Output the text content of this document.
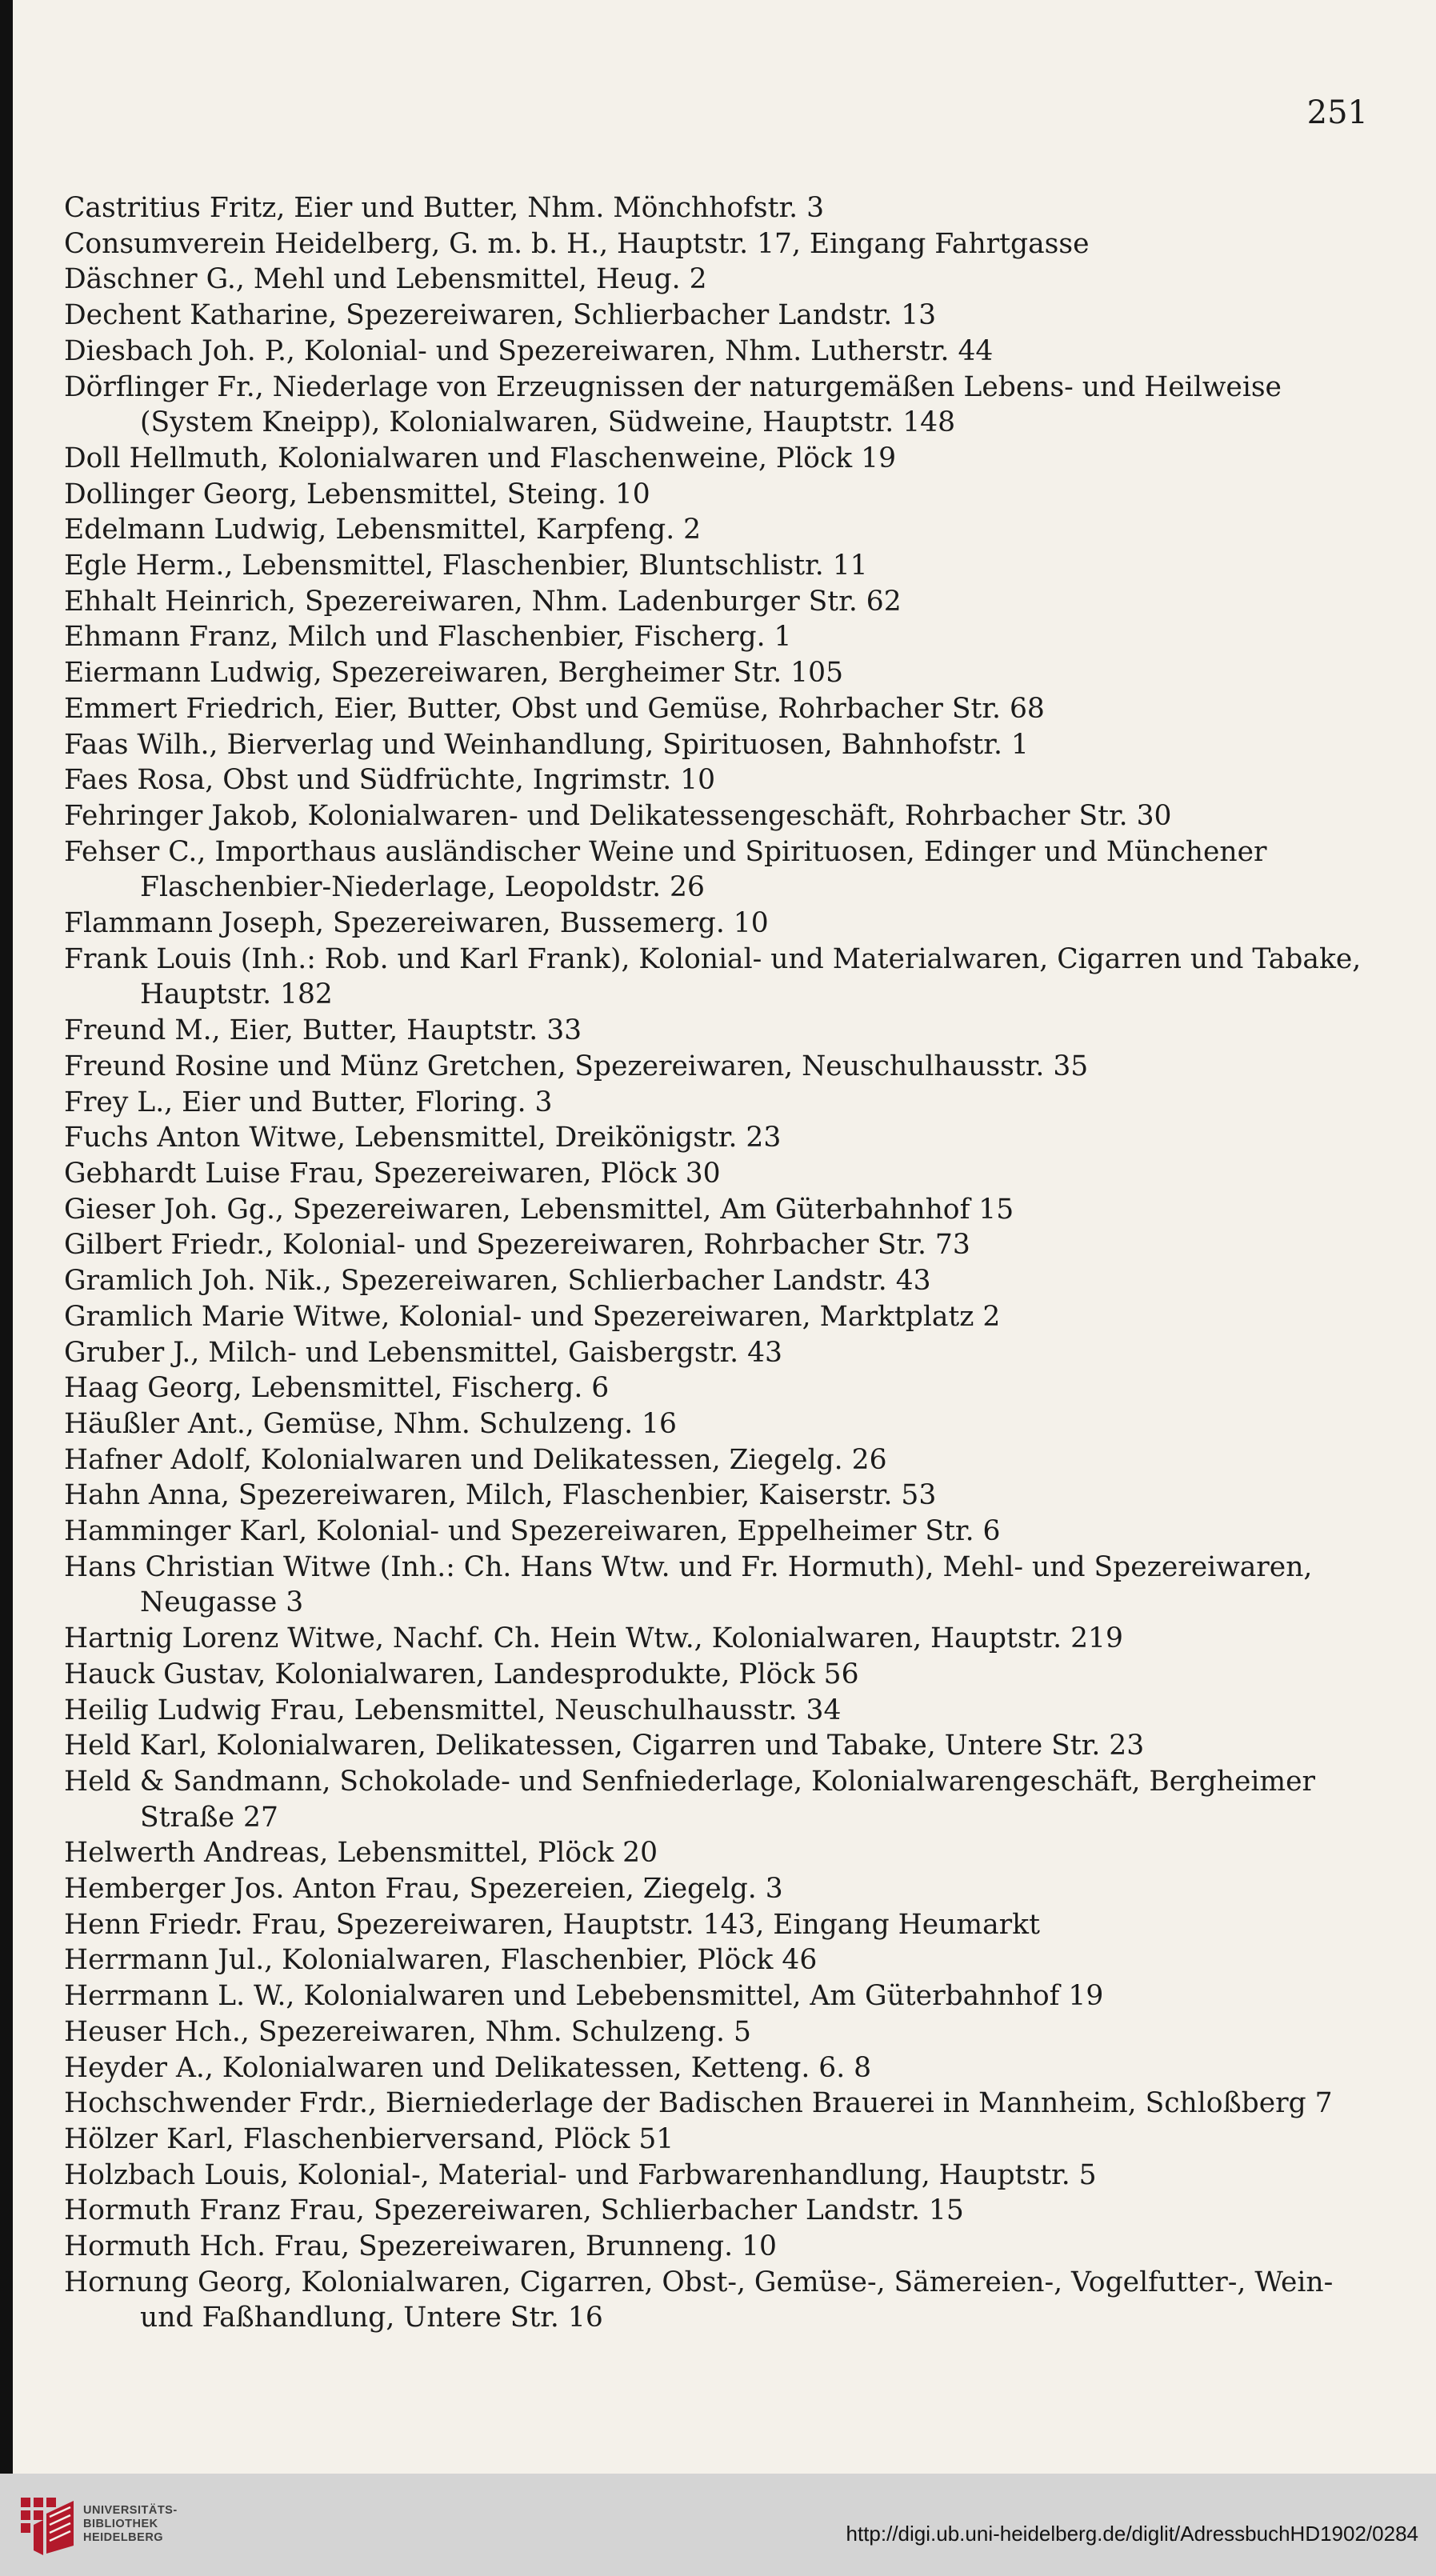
251
Castritius Fritz, Eier und Butter, Nhm. Mönchhofstr. 3
Consumverein Heidelberg, G. m. b. H., Hauptstr. 17, Eingang Fahrtgasse
Däschner G., Mehl und Lebensmittel, Heug. 2
Dechent Katharine, Spezereiwaren, Schlierbacher Landstr. 13
Diesbach Joh. P., Kolonial- und Spezereiwaren, Nhm. Lutherstr. 44
Dörflinger Fr., Niederlage von Erzeugnissen der naturgemäßen Lebens- und Heilweise (System Kneipp), Kolonialwaren, Südweine, Hauptstr. 148
Doll Hellmuth, Kolonialwaren und Flaschenweine, Plöck 19
Dollinger Georg, Lebensmittel, Steing. 10
Edelmann Ludwig, Lebensmittel, Karpfeng. 2
Egle Herm., Lebensmittel, Flaschenbier, Bluntschlistr. 11
Ehhalt Heinrich, Spezereiwaren, Nhm. Ladenburger Str. 62
Ehmann Franz, Milch und Flaschenbier, Fischerg. 1
Eiermann Ludwig, Spezereiwaren, Bergheimer Str. 105
Emmert Friedrich, Eier, Butter, Obst und Gemüse, Rohrbacher Str. 68
Faas Wilh., Bierverlag und Weinhandlung, Spirituosen, Bahnhofstr. 1
Faes Rosa, Obst und Südfrüchte, Ingrimstr. 10
Fehringer Jakob, Kolonialwaren- und Delikatessengeschäft, Rohrbacher Str. 30
Fehser C., Importhaus ausländischer Weine und Spirituosen, Edinger und Münchener Flaschenbier-Niederlage, Leopoldstr. 26
Flammann Joseph, Spezereiwaren, Bussemerg. 10
Frank Louis (Inh.: Rob. und Karl Frank), Kolonial- und Materialwaren, Cigarren und Tabake, Hauptstr. 182
Freund M., Eier, Butter, Hauptstr. 33
Freund Rosine und Münz Gretchen, Spezereiwaren, Neuschulhausstr. 35
Frey L., Eier und Butter, Floring. 3
Fuchs Anton Witwe, Lebensmittel, Dreikönigstr. 23
Gebhardt Luise Frau, Spezereiwaren, Plöck 30
Gieser Joh. Gg., Spezereiwaren, Lebensmittel, Am Güterbahnhof 15
Gilbert Friedr., Kolonial- und Spezereiwaren, Rohrbacher Str. 73
Gramlich Joh. Nik., Spezereiwaren, Schlierbacher Landstr. 43
Gramlich Marie Witwe, Kolonial- und Spezereiwaren, Marktplatz 2
Gruber J., Milch- und Lebensmittel, Gaisbergstr. 43
Haag Georg, Lebensmittel, Fischerg. 6
Häußler Ant., Gemüse, Nhm. Schulzeng. 16
Hafner Adolf, Kolonialwaren und Delikatessen, Ziegelg. 26
Hahn Anna, Spezereiwaren, Milch, Flaschenbier, Kaiserstr. 53
Hamminger Karl, Kolonial- und Spezereiwaren, Eppelheimer Str. 6
Hans Christian Witwe (Inh.: Ch. Hans Wtw. und Fr. Hormuth), Mehl- und Spezereiwaren, Neugasse 3
Hartnig Lorenz Witwe, Nachf. Ch. Hein Wtw., Kolonialwaren, Hauptstr. 219
Hauck Gustav, Kolonialwaren, Landesprodukte, Plöck 56
Heilig Ludwig Frau, Lebensmittel, Neuschulhausstr. 34
Held Karl, Kolonialwaren, Delikatessen, Cigarren und Tabake, Untere Str. 23
Held & Sandmann, Schokolade- und Senfniederlage, Kolonialwarengeschäft, Bergheimer Straße 27
Helwerth Andreas, Lebensmittel, Plöck 20
Hemberger Jos. Anton Frau, Spezereien, Ziegelg. 3
Henn Friedr. Frau, Spezereiwaren, Hauptstr. 143, Eingang Heumarkt
Herrmann Jul., Kolonialwaren, Flaschenbier, Plöck 46
Herrmann L. W., Kolonialwaren und Lebebensmittel, Am Güterbahnhof 19
Heuser Hch., Spezereiwaren, Nhm. Schulzeng. 5
Heyder A., Kolonialwaren und Delikatessen, Ketteng. 6. 8
Hochschwender Frdr., Bierniederlage der Badischen Brauerei in Mannheim, Schloßberg 7
Hölzer Karl, Flaschenbierversand, Plöck 51
Holzbach Louis, Kolonial-, Material- und Farbwarenhandlung, Hauptstr. 5
Hormuth Franz Frau, Spezereiwaren, Schlierbacher Landstr. 15
Hormuth Hch. Frau, Spezereiwaren, Brunneng. 10
Hornung Georg, Kolonialwaren, Cigarren, Obst-, Gemüse-, Sämereien-, Vogelfutter-, Wein- und Faßhandlung, Untere Str. 16
UNIVERSITÄTS-
BIBLIOTHEK
HEIDELBERG	http://digi.ub.uni-heidelberg.de/diglit/AdressbuchHD1902/0284
